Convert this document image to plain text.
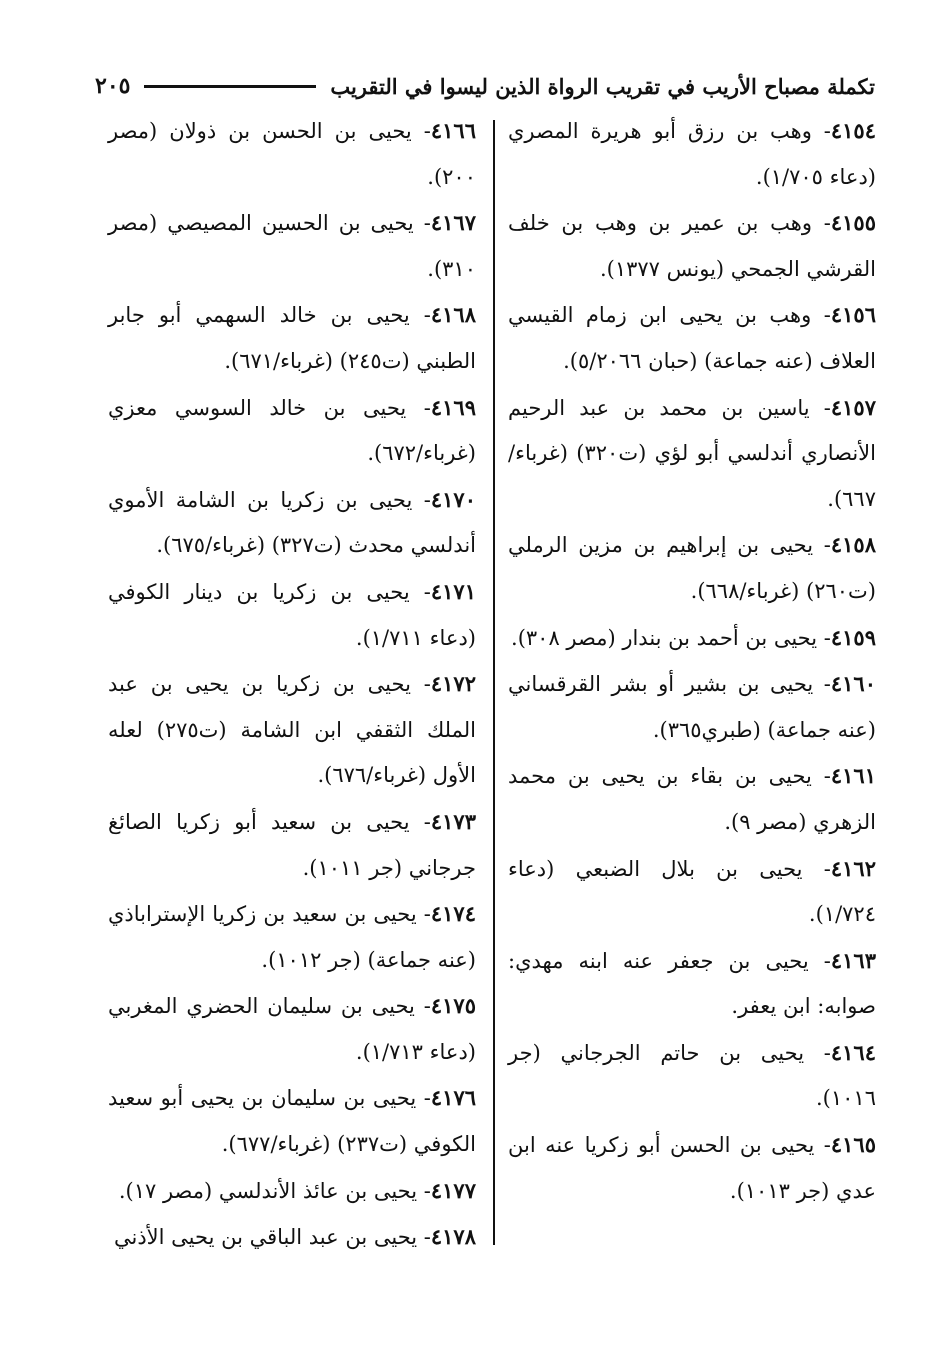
٢٠٥	تكملة مصباح الأريب في تقريب الرواة الذين ليسوا في التقريب

٤١٥٤- وهب بن رزق أبو هريرة المصري (دعاء ١/٧٠٥).

٤١٥٥- وهب بن عمير بن وهب بن خلف القرشي الجمحي (يونس ١٣٧٧).

٤١٥٦- وهب بن يحيى ابن زمام القيسي العلاف (عنه جماعة) (حبان ٥/٢٠٦٦).

٤١٥٧- ياسين بن محمد بن عبد الرحيم الأنصاري أندلسي أبو لؤي (ت٣٢٠) (غرباء/٦٦٧).

٤١٥٨- يحيى بن إبراهيم بن مزين الرملي (ت٢٦٠) (غرباء/٦٦٨).

٤١٥٩- يحيى بن أحمد بن بندار (مصر ٣٠٨).

٤١٦٠- يحيى بن بشير أو بشر القرقساني (عنه جماعة) (طبري٣٦٥).

٤١٦١- يحيى بن بقاء بن يحيى بن محمد الزهري (مصر ٩).

٤١٦٢- يحيى بن بلال الضبعي (دعاء ١/٧٢٤).

٤١٦٣- يحيى بن جعفر عنه ابنه مهدي: صوابه: ابن يعفر.

٤١٦٤- يحيى بن حاتم الجرجاني (جر ١٠١٦).

٤١٦٥- يحيى بن الحسن أبو زكريا عنه ابن عدي (جر ١٠١٣).

٤١٦٦- يحيى بن الحسن بن ذولان (مصر ٢٠٠).

٤١٦٧- يحيى بن الحسين المصيصي (مصر ٣١٠).

٤١٦٨- يحيى بن خالد السهمي أبو جابر الطبني (ت٢٤٥) (غرباء/٦٧١).

٤١٦٩- يحيى بن خالد السوسي معزي (غرباء/٦٧٢).

٤١٧٠- يحيى بن زكريا بن الشامة الأموي أندلسي محدث (ت٣٢٧) (غرباء/٦٧٥).

٤١٧١- يحيى بن زكريا بن دينار الكوفي (دعاء ١/٧١١).

٤١٧٢- يحيى بن زكريا بن يحيى بن عبد الملك الثقفي ابن الشامة (ت٢٧٥) لعله الأول (غرباء/٦٧٦).

٤١٧٣- يحيى بن سعيد أبو زكريا الصائغ جرجاني (جر ١٠١١).

٤١٧٤- يحيى بن سعيد بن زكريا الإستراباذي (عنه جماعة) (جر ١٠١٢).

٤١٧٥- يحيى بن سليمان الحضري المغربي (دعاء ١/٧١٣).

٤١٧٦- يحيى بن سليمان بن يحيى أبو سعيد الكوفي (ت٢٣٧) (غرباء/٦٧٧).

٤١٧٧- يحيى بن عائذ الأندلسي (مصر ١٧).

٤١٧٨- يحيى بن عبد الباقي بن يحيى الأذني
